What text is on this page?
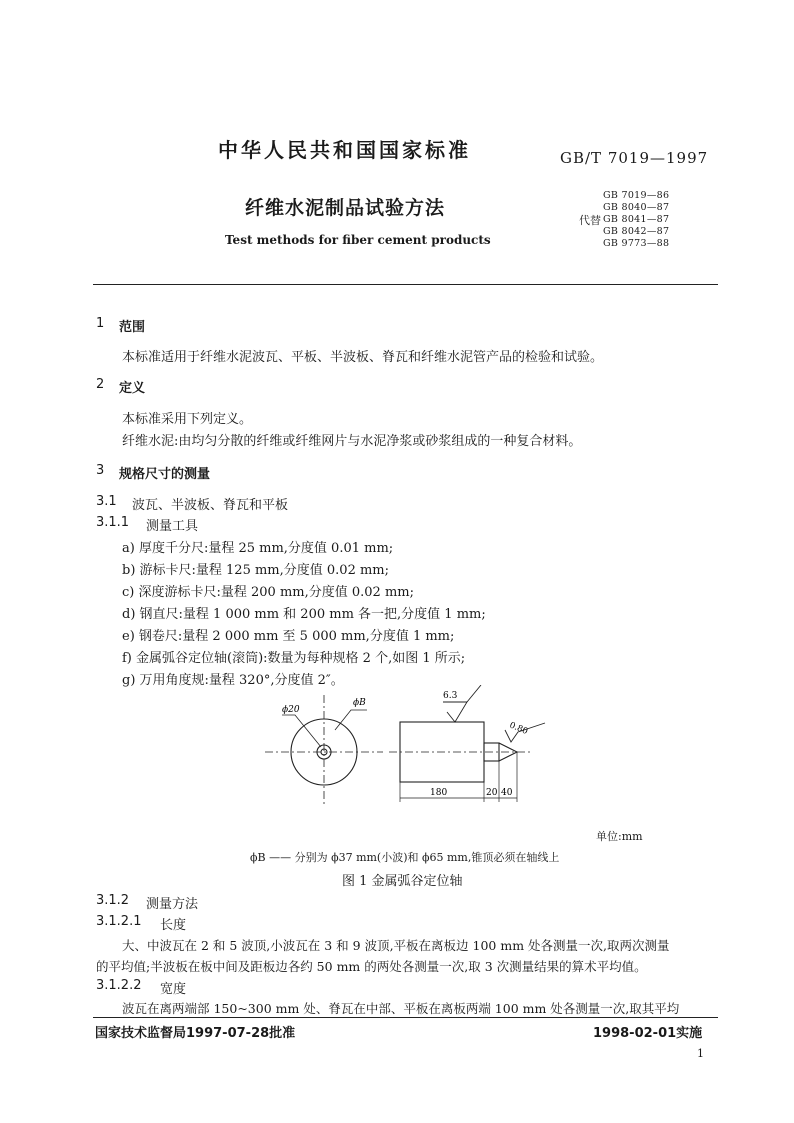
中华人民共和国国家标准	GB/T 7019—1997
纤维水泥制品试验方法
Test methods for fiber cement products
GB 7019—86
GB 8040—87
代替 GB 8041—87
GB 8042—87
GB 9773—88
1 范围
本标准适用于纤维水泥波瓦、平板、半波板、脊瓦和纤维水泥管产品的检验和试验。
2 定义
本标准采用下列定义。
纤维水泥:由均匀分散的纤维或纤维网片与水泥净浆或砂浆组成的一种复合材料。
3 规格尺寸的测量
3.1 波瓦、半波板、脊瓦和平板
3.1.1 测量工具
a) 厚度千分尺:量程 25 mm,分度值 0.01 mm;
b) 游标卡尺:量程 125 mm,分度值 0.02 mm;
c) 深度游标卡尺:量程 200 mm,分度值 0.02 mm;
d) 钢直尺:量程 1 000 mm 和 200 mm 各一把,分度值 1 mm;
e) 钢卷尺:量程 2 000 mm 至 5 000 mm,分度值 1 mm;
f) 金属弧谷定位轴(滚筒):数量为每种规格 2 个,如图 1 所示;
g) 万用角度规:量程 320°,分度值 2″。
ϕ20
ϕB
6.3
0.80
180	20 40
单位:mm
ϕB —— 分别为 ϕ37 mm(小波)和 ϕ65 mm,锥顶必须在轴线上
图 1 金属弧谷定位轴
3.1.2 测量方法
3.1.2.1 长度
大、中波瓦在 2 和 5 波顶,小波瓦在 3 和 9 波顶,平板在离板边 100 mm 处各测量一次,取两次测量
的平均值;半波板在板中间及距板边各约 50 mm 的两处各测量一次,取 3 次测量结果的算术平均值。
3.1.2.2 宽度
波瓦在离两端部 150~300 mm 处、脊瓦在中部、平板在离板两端 100 mm 处各测量一次,取其平均
国家技术监督局1997-07-28批准	1998-02-01实施
1
